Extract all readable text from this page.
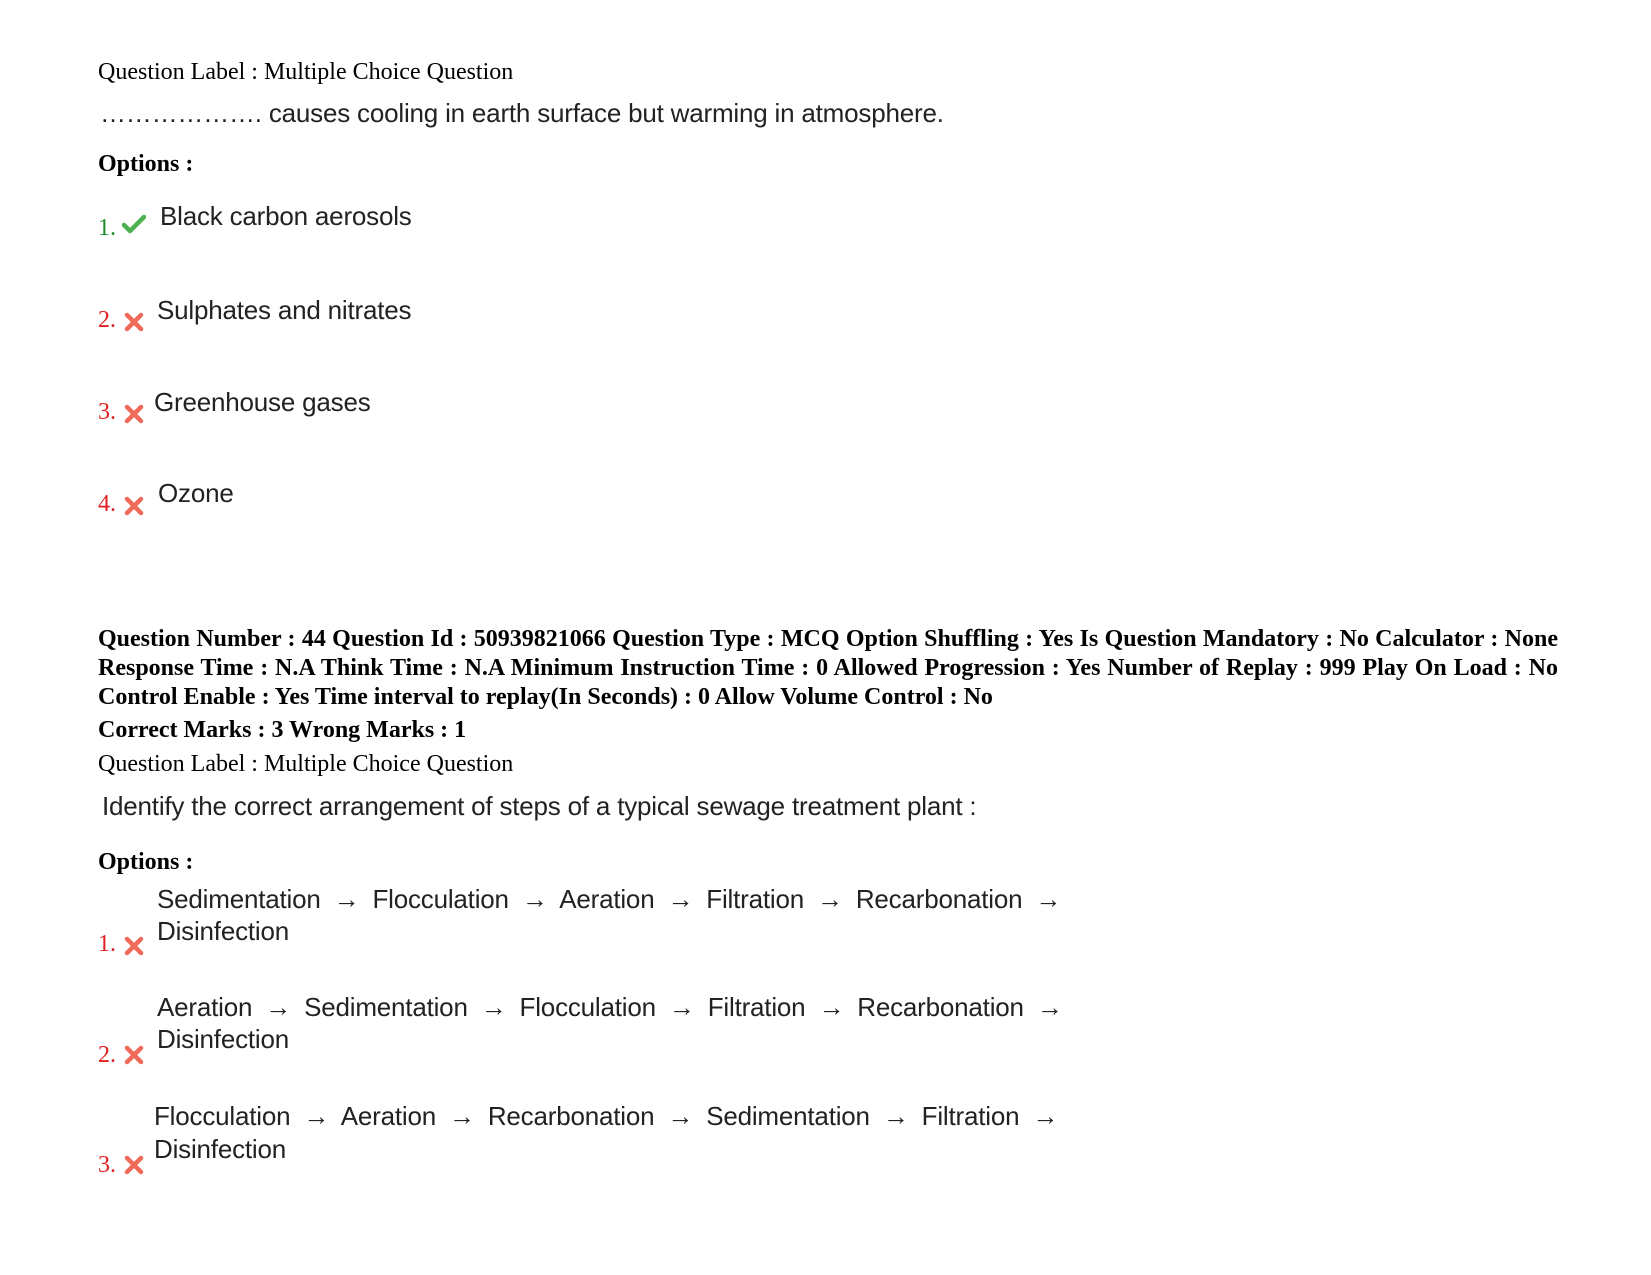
Question Label : Multiple Choice Question
………………. causes cooling in earth surface but warming in atmosphere.
Options :
1. Black carbon aerosols
2. Sulphates and nitrates
3. Greenhouse gases
4. Ozone
Question Number : 44 Question Id : 50939821066 Question Type : MCQ Option Shuffling : Yes Is Question Mandatory : No Calculator : None Response Time : N.A Think Time : N.A Minimum Instruction Time : 0 Allowed Progression : Yes Number of Replay : 999 Play On Load : No Control Enable : Yes Time interval to replay(In Seconds) : 0 Allow Volume Control : No
Correct Marks : 3 Wrong Marks : 1
Question Label : Multiple Choice Question
Identify the correct arrangement of steps of a typical sewage treatment plant :
Options :
Sedimentation → Flocculation → Aeration → Filtration → Recarbonation →
Disinfection
1.
Aeration → Sedimentation → Flocculation → Filtration → Recarbonation →
Disinfection
2.
Flocculation → Aeration → Recarbonation → Sedimentation → Filtration →
Disinfection
3.
